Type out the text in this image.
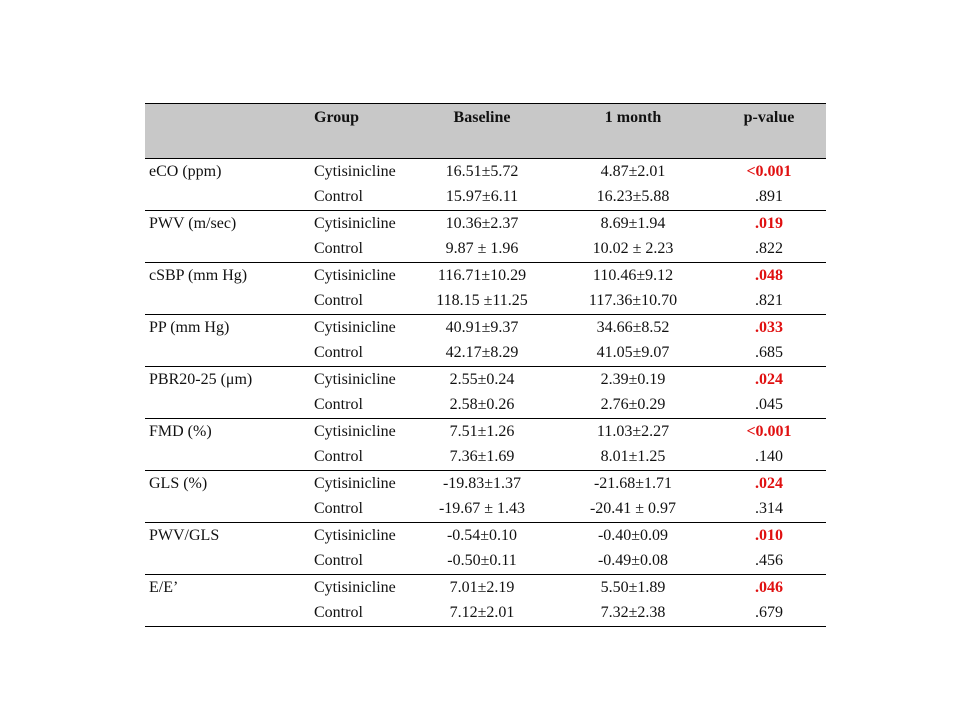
	Group	Baseline	1 month	p-value
eCO (ppm)	Cytisinicline	16.51±5.72	4.87±2.01	<0.001
	Control	15.97±6.11	16.23±5.88	.891
PWV (m/sec)	Cytisinicline	10.36±2.37	8.69±1.94	.019
	Control	9.87 ± 1.96	10.02 ± 2.23	.822
cSBP (mm Hg)	Cytisinicline	116.71±10.29	110.46±9.12	.048
	Control	118.15 ±11.25	117.36±10.70	.821
PP (mm Hg)	Cytisinicline	40.91±9.37	34.66±8.52	.033
	Control	42.17±8.29	41.05±9.07	.685
PBR20-25 (μm)	Cytisinicline	2.55±0.24	2.39±0.19	.024
	Control	2.58±0.26	2.76±0.29	.045
FMD (%)	Cytisinicline	7.51±1.26	11.03±2.27	<0.001
	Control	7.36±1.69	8.01±1.25	.140
GLS (%)	Cytisinicline	-19.83±1.37	-21.68±1.71	.024
	Control	-19.67 ± 1.43	-20.41 ± 0.97	.314
PWV/GLS	Cytisinicline	-0.54±0.10	-0.40±0.09	.010
	Control	-0.50±0.11	-0.49±0.08	.456
E/E’	Cytisinicline	7.01±2.19	5.50±1.89	.046
	Control	7.12±2.01	7.32±2.38	.679
